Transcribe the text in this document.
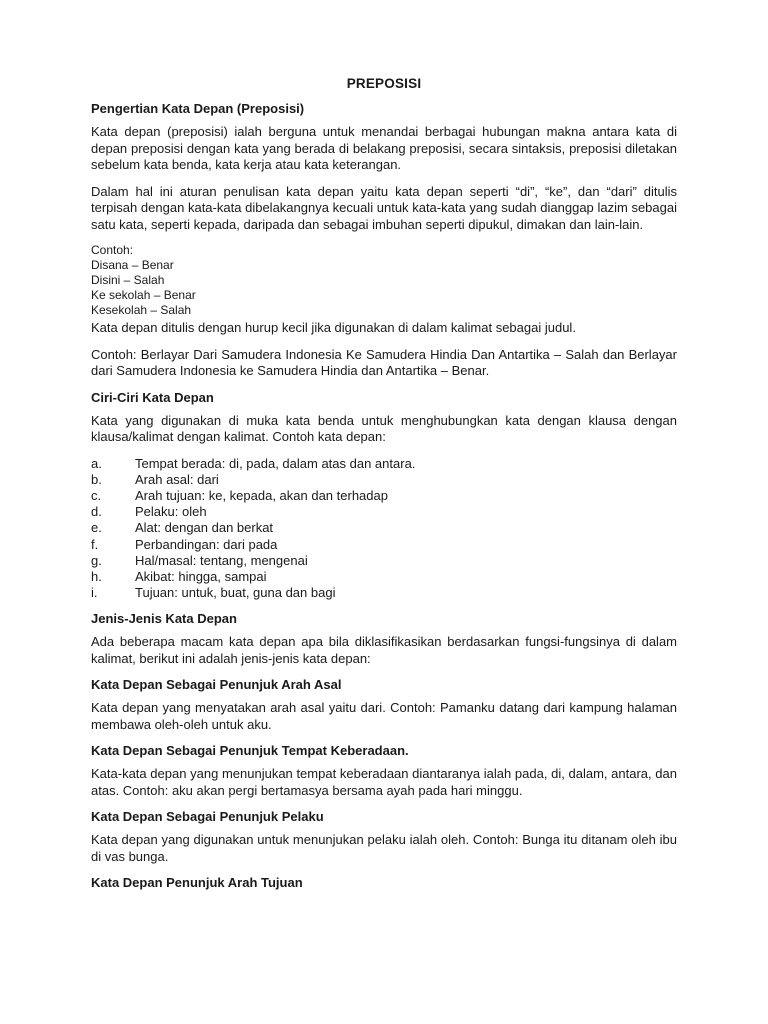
PREPOSISI
Pengertian Kata Depan (Preposisi)

Kata depan (preposisi) ialah berguna untuk menandai berbagai hubungan makna antara kata di depan preposisi dengan kata yang berada di belakang preposisi, secara sintaksis, preposisi diletakan sebelum kata benda, kata kerja atau kata keterangan.

Dalam hal ini aturan penulisan kata depan yaitu kata depan seperti “di”, “ke”, dan “dari” ditulis terpisah dengan kata-kata dibelakangnya kecuali untuk kata-kata yang sudah dianggap lazim sebagai satu kata, seperti kepada, daripada dan sebagai imbuhan seperti dipukul, dimakan dan lain-lain.

Contoh:

Disana – Benar

Disini – Salah

Ke sekolah – Benar

Kesekolah – Salah

Kata depan ditulis dengan hurup kecil jika digunakan di dalam kalimat sebagai judul.

Contoh: Berlayar Dari Samudera Indonesia Ke Samudera Hindia Dan Antartika – Salah dan Berlayar dari Samudera Indonesia ke Samudera Hindia dan Antartika – Benar.

Ciri-Ciri Kata Depan

Kata yang digunakan di muka kata benda untuk menghubungkan kata dengan klausa dengan klausa/kalimat dengan kalimat. Contoh kata depan:

a.	Tempat berada: di, pada, dalam atas dan antara.
b.	Arah asal: dari
c.	Arah tujuan: ke, kepada, akan dan terhadap
d.	Pelaku: oleh
e.	Alat: dengan dan berkat
f.	Perbandingan: dari pada
g.	Hal/masal: tentang, mengenai
h.	Akibat: hingga, sampai
i.	Tujuan: untuk, buat, guna dan bagi
Jenis-Jenis Kata Depan

Ada beberapa macam kata depan apa bila diklasifikasikan berdasarkan fungsi-fungsinya di dalam kalimat, berikut ini adalah jenis-jenis kata depan:

Kata Depan Sebagai Penunjuk Arah Asal

Kata depan yang menyatakan arah asal yaitu dari. Contoh: Pamanku datang dari kampung halaman membawa oleh-oleh untuk aku.

Kata Depan Sebagai Penunjuk Tempat Keberadaan.

Kata-kata depan yang menunjukan tempat keberadaan diantaranya ialah pada, di, dalam, antara, dan atas. Contoh: aku akan pergi bertamasya bersama ayah pada hari minggu.

Kata Depan Sebagai Penunjuk Pelaku

Kata depan yang digunakan untuk menunjukan pelaku ialah oleh. Contoh: Bunga itu ditanam oleh ibu di vas bunga.

Kata Depan Penunjuk Arah Tujuan
